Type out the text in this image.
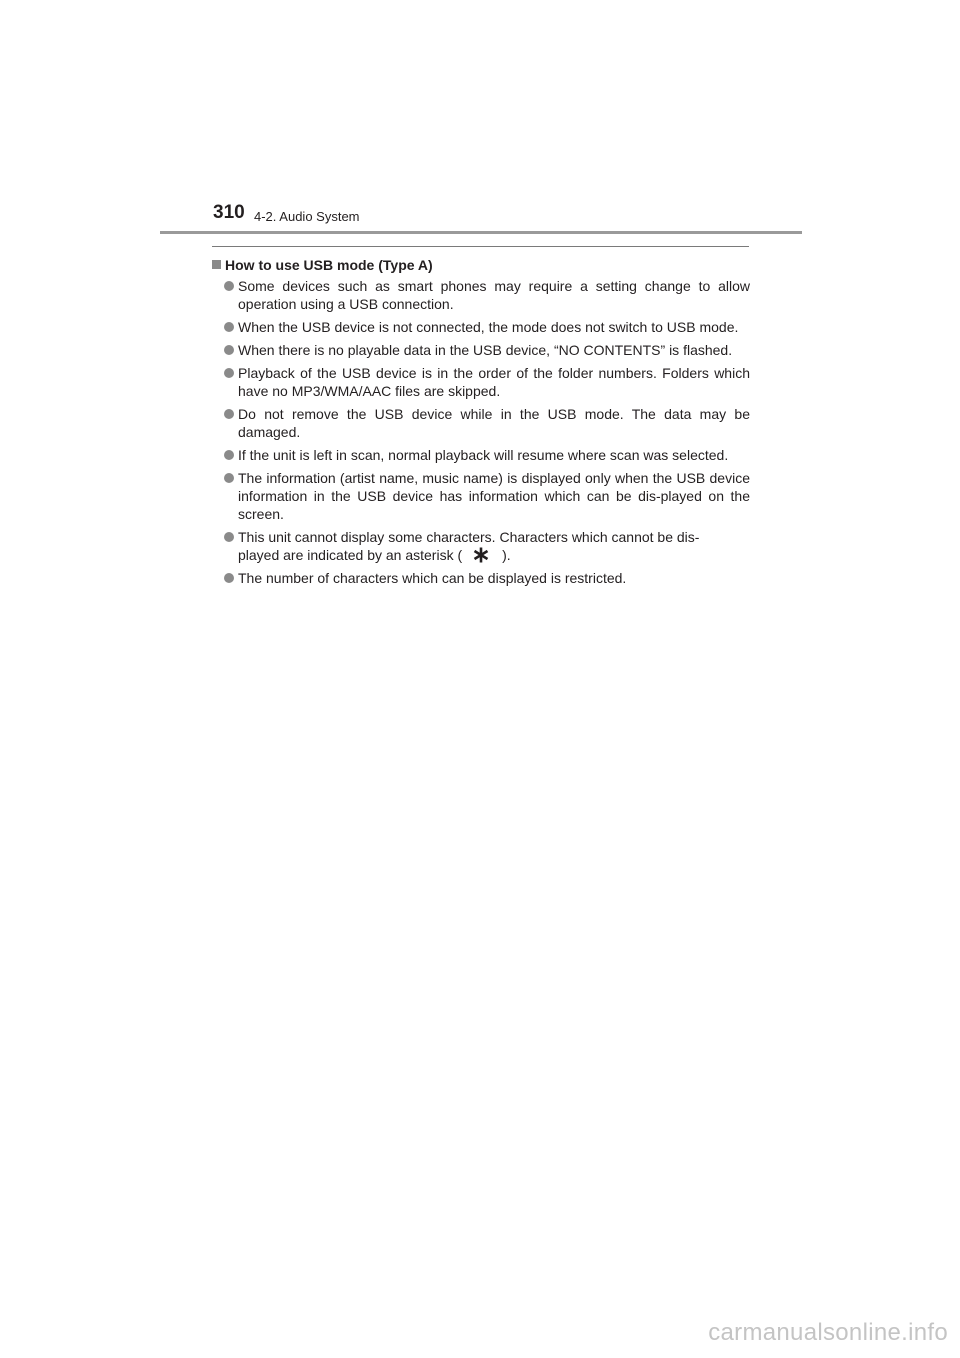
310 4-2. Audio System
How to use USB mode (Type A)
Some devices such as smart phones may require a setting change to allow operation using a USB connection.
When the USB device is not connected, the mode does not switch to USB mode.
When there is no playable data in the USB device, “NO CONTENTS” is flashed.
Playback of the USB device is in the order of the folder numbers. Folders which have no MP3/WMA/AAC files are skipped.
Do not remove the USB device while in the USB mode. The data may be damaged.
If the unit is left in scan, normal playback will resume where scan was selected.
The information (artist name, music name) is displayed only when the USB device information in the USB device has information which can be dis-played on the screen.
This unit cannot display some characters. Characters which cannot be dis-
played are indicated by an asterisk (	).
The number of characters which can be displayed is restricted.
carmanualsonline.info
